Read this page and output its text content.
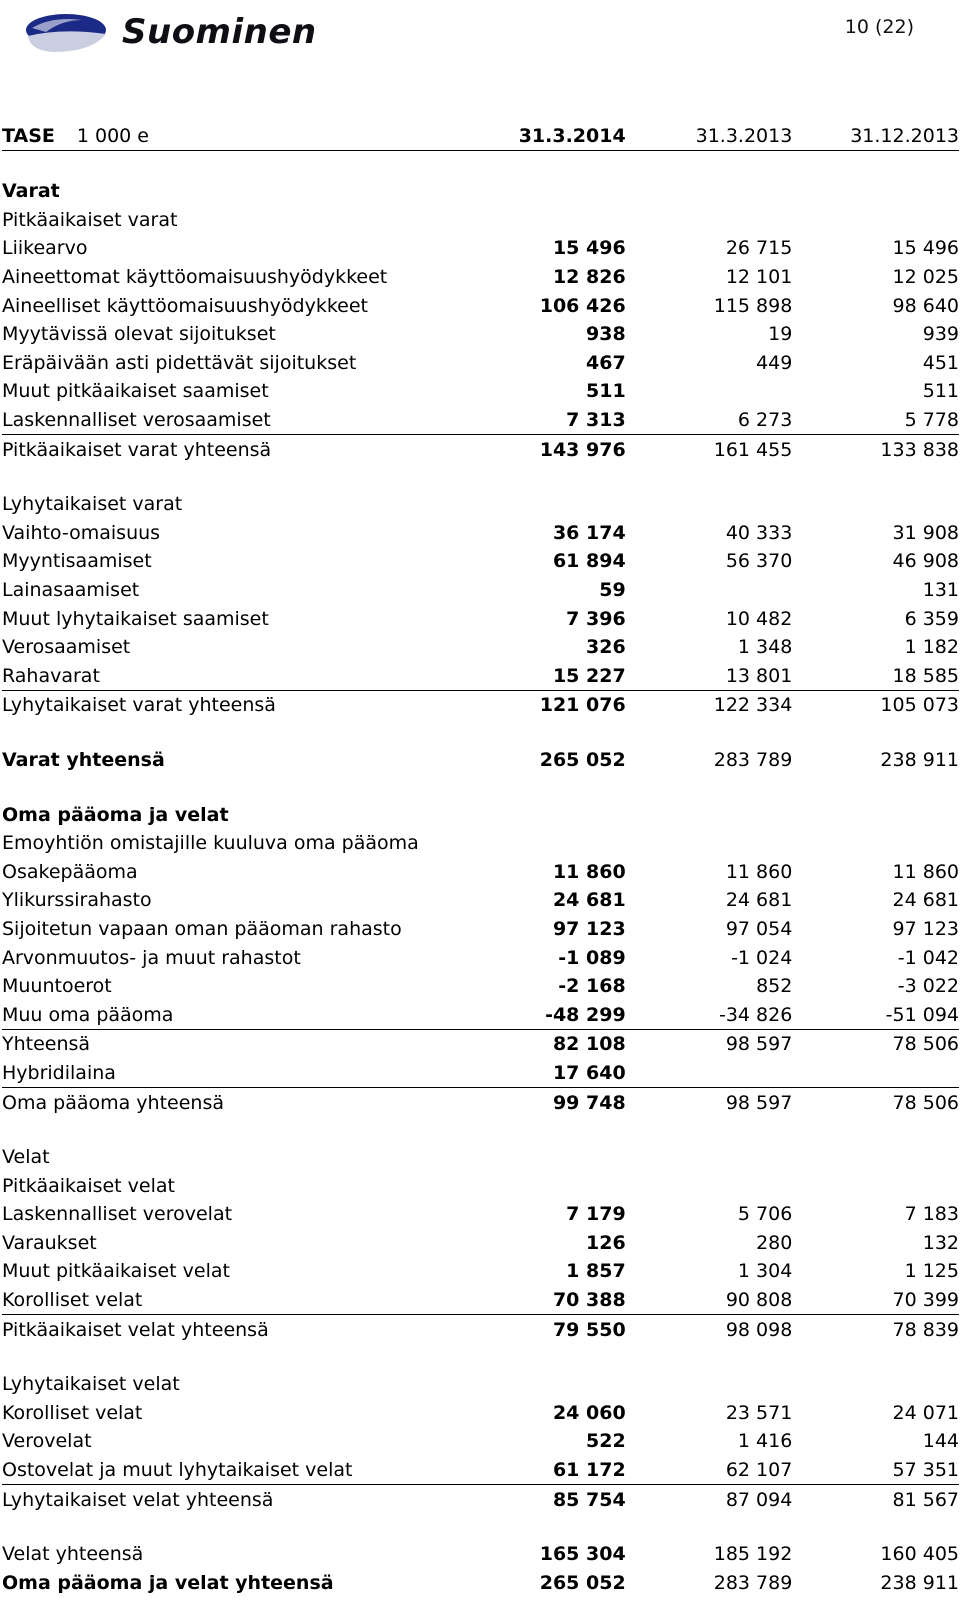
Suominen	10 (22)
TASE 1 000 e	31.3.2014	31.3.2013	31.12.2013

Varat			
Pitkäaikaiset varat			
Liikearvo	15 496	26 715	15 496
Aineettomat käyttöomaisuushyödykkeet	12 826	12 101	12 025
Aineelliset käyttöomaisuushyödykkeet	106 426	115 898	98 640
Myytävissä olevat sijoitukset	938	19	939
Eräpäivään asti pidettävät sijoitukset	467	449	451
Muut pitkäaikaiset saamiset	511		511
Laskennalliset verosaamiset	7 313	6 273	5 778
Pitkäaikaiset varat yhteensä	143 976	161 455	133 838

Lyhytaikaiset varat			
Vaihto-omaisuus	36 174	40 333	31 908
Myyntisaamiset	61 894	56 370	46 908
Lainasaamiset	59		131
Muut lyhytaikaiset saamiset	7 396	10 482	6 359
Verosaamiset	326	1 348	1 182
Rahavarat	15 227	13 801	18 585
Lyhytaikaiset varat yhteensä	121 076	122 334	105 073

Varat yhteensä	265 052	283 789	238 911

Oma pääoma ja velat			
Emoyhtiön omistajille kuuluva oma pääoma			
Osakepääoma	11 860	11 860	11 860
Ylikurssirahasto	24 681	24 681	24 681
Sijoitetun vapaan oman pääoman rahasto	97 123	97 054	97 123
Arvonmuutos- ja muut rahastot	-1 089	-1 024	-1 042
Muuntoerot	-2 168	852	-3 022
Muu oma pääoma	-48 299	-34 826	-51 094
Yhteensä	82 108	98 597	78 506
Hybridilaina	17 640		
Oma pääoma yhteensä	99 748	98 597	78 506

Velat			
Pitkäaikaiset velat			
Laskennalliset verovelat	7 179	5 706	7 183
Varaukset	126	280	132
Muut pitkäaikaiset velat	1 857	1 304	1 125
Korolliset velat	70 388	90 808	70 399
Pitkäaikaiset velat yhteensä	79 550	98 098	78 839

Lyhytaikaiset velat			
Korolliset velat	24 060	23 571	24 071
Verovelat	522	1 416	144
Ostovelat ja muut lyhytaikaiset velat	61 172	62 107	57 351
Lyhytaikaiset velat yhteensä	85 754	87 094	81 567

Velat yhteensä	165 304	185 192	160 405
Oma pääoma ja velat yhteensä	265 052	283 789	238 911
